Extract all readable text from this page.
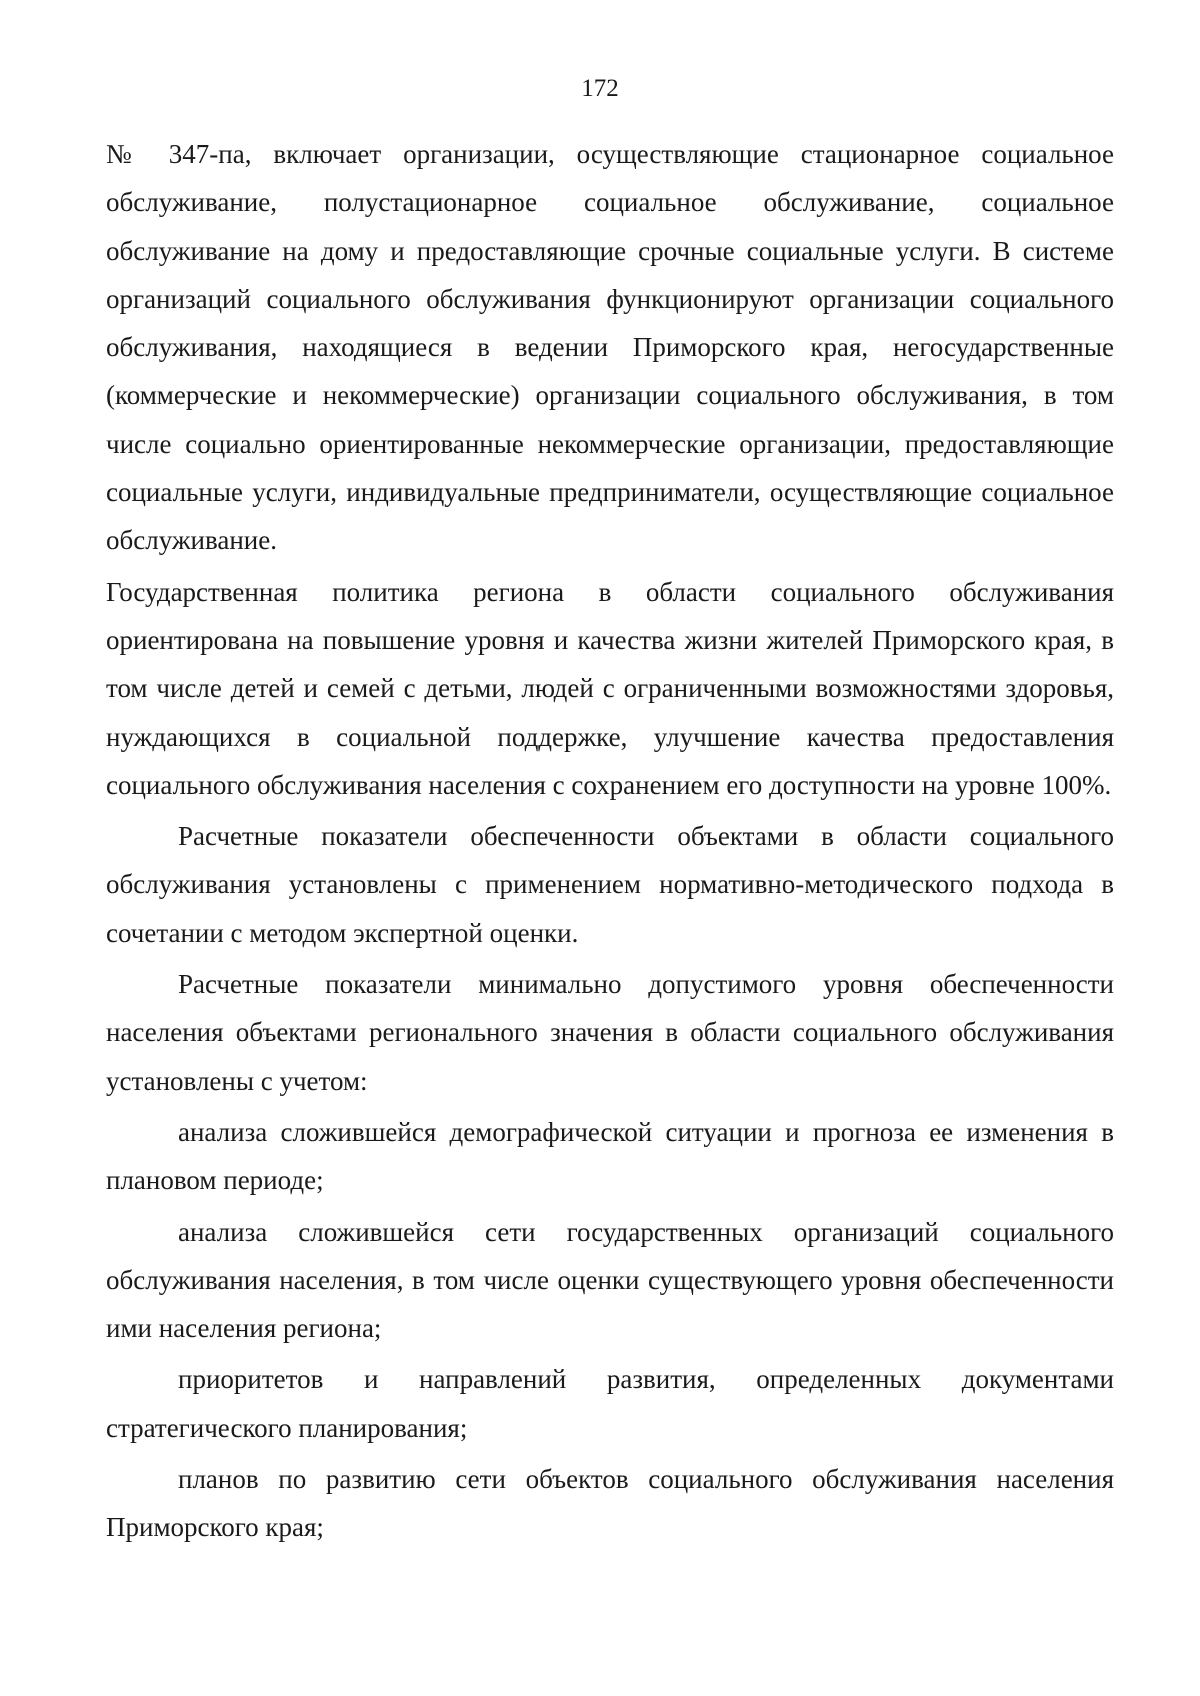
172

№ 347-па, включает организации, осуществляющие стационарное социальное обслуживание, полустационарное социальное обслуживание, социальное обслуживание на дому и предоставляющие срочные социальные услуги. В системе организаций социального обслуживания функционируют организации социального обслуживания, находящиеся в ведении Приморского края, негосударственные (коммерческие и некоммерческие) организации социального обслуживания, в том числе социально ориентированные некоммерческие организации, предоставляющие социальные услуги, индивидуальные предприниматели, осуществляющие социальное обслуживание.

Государственная политика региона в области социального обслуживания ориентирована на повышение уровня и качества жизни жителей Приморского края, в том числе детей и семей с детьми, людей с ограниченными возможностями здоровья, нуждающихся в социальной поддержке, улучшение качества предоставления социального обслуживания населения с сохранением его доступности на уровне 100%.

Расчетные показатели обеспеченности объектами в области социального обслуживания установлены с применением нормативно-методического подхода в сочетании с методом экспертной оценки.

Расчетные показатели минимально допустимого уровня обеспеченности населения объектами регионального значения в области социального обслуживания установлены с учетом:

анализа сложившейся демографической ситуации и прогноза ее изменения в плановом периоде;

анализа сложившейся сети государственных организаций социального обслуживания населения, в том числе оценки существующего уровня обеспеченности ими населения региона;

приоритетов и направлений развития, определенных документами стратегического планирования;

планов по развитию сети объектов социального обслуживания населения Приморского края;
